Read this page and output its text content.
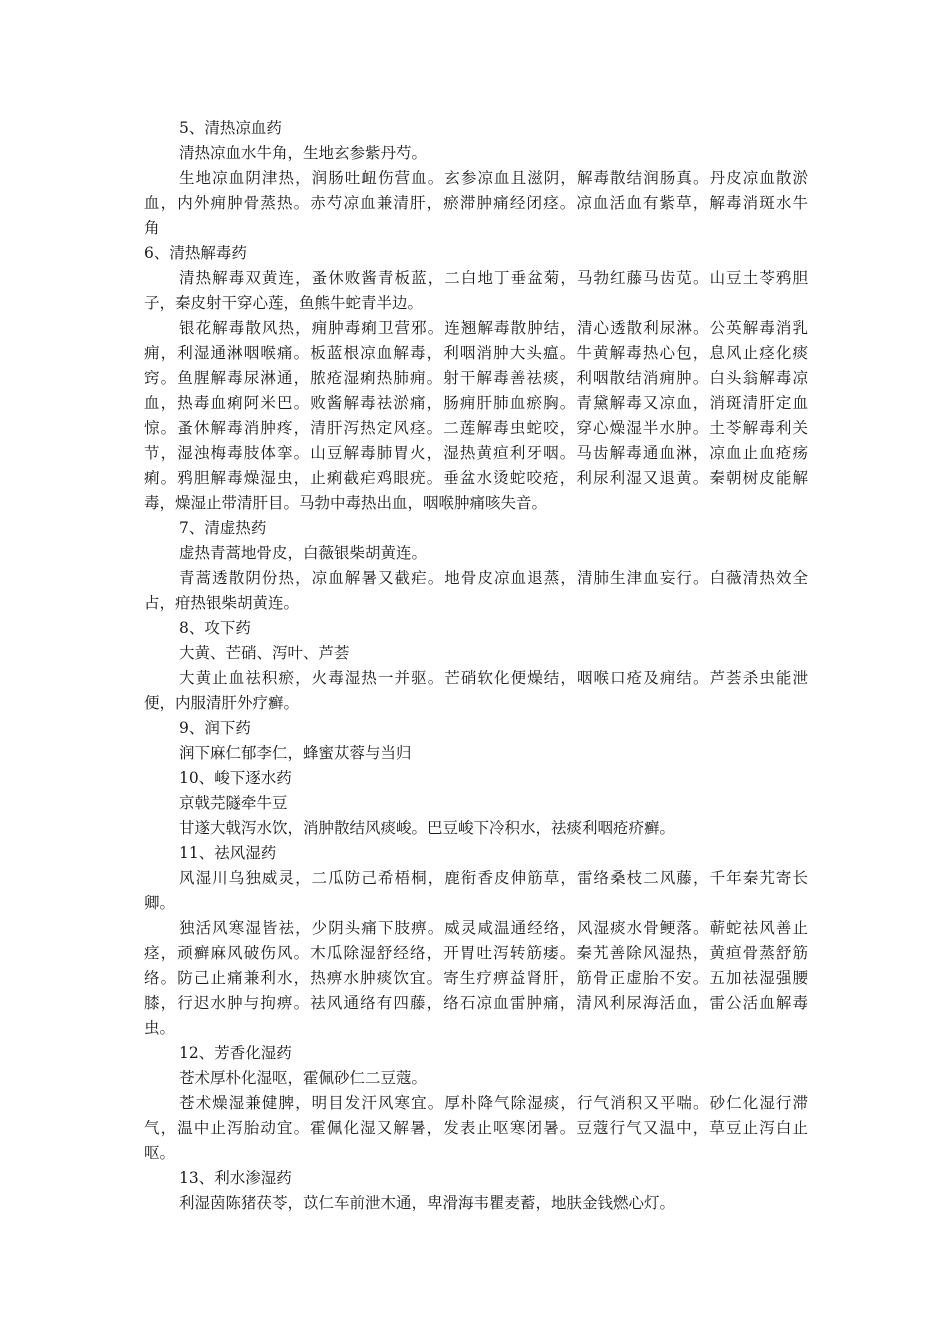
5、清热凉血药
清热凉血水牛角，生地玄参紫丹芍。
生地凉血阴津热，润肠吐衄伤营血。玄参凉血且滋阴，解毒散结润肠真。丹皮凉血散淤
血，内外痈肿骨蒸热。赤芍凉血兼清肝，瘀滞肿痛经闭痉。凉血活血有紫草，解毒消斑水牛
角
6、清热解毒药
清热解毒双黄连，蚤休败酱青板蓝，二白地丁垂盆菊，马勃红藤马齿苋。山豆土苓鸦胆
子，秦皮射干穿心莲，鱼熊牛蛇青半边。
银花解毒散风热，痈肿毒痢卫营邪。连翘解毒散肿结，清心透散利尿淋。公英解毒消乳
痈，利湿通淋咽喉痛。板蓝根凉血解毒，利咽消肿大头瘟。牛黄解毒热心包，息风止痉化痰
窍。鱼腥解毒尿淋通，脓疮湿痢热肺痈。射干解毒善祛痰，利咽散结消痈肿。白头翁解毒凉
血，热毒血痢阿米巴。败酱解毒祛淤痛，肠痈肝肺血瘀胸。青黛解毒又凉血，消斑清肝定血
惊。蚤休解毒消肿疼，清肝泻热定风痉。二莲解毒虫蛇咬，穿心燥湿半水肿。土苓解毒利关
节，湿浊梅毒肢体挛。山豆解毒肺胃火，湿热黄疸利牙咽。马齿解毒通血淋，凉血止血疮疡
痢。鸦胆解毒燥湿虫，止痢截疟鸡眼疣。垂盆水烫蛇咬疮，利尿利湿又退黄。秦朝树皮能解
毒，燥湿止带清肝目。马勃中毒热出血，咽喉肿痛咳失音。
7、清虚热药
虚热青蒿地骨皮，白薇银柴胡黄连。
青蒿透散阴份热，凉血解暑又截疟。地骨皮凉血退蒸，清肺生津血妄行。白薇清热效全
占，疳热银柴胡黄连。
8、攻下药
大黄、芒硝、泻叶、芦荟
大黄止血祛积瘀，火毒湿热一并驱。芒硝软化便燥结，咽喉口疮及痈结。芦荟杀虫能泄
便，内服清肝外疗癣。
9、润下药
润下麻仁郁李仁，蜂蜜苁蓉与当归
10、峻下逐水药
京戟芫隧牵牛豆
甘遂大戟泻水饮，消肿散结风痰峻。巴豆峻下冷积水，祛痰利咽疮疥癣。
11、祛风湿药
风湿川乌独威灵，二瓜防己希梧桐，鹿衔香皮伸筋草，雷络桑枝二风藤，千年秦艽寄长
卿。
独活风寒湿皆祛，少阴头痛下肢痹。威灵咸温通经络，风湿痰水骨鲠落。蕲蛇祛风善止
痉，顽癣麻风破伤风。木瓜除湿舒经络，开胃吐泻转筋痿。秦艽善除风湿热，黄疸骨蒸舒筋
络。防己止痛兼利水，热痹水肿痰饮宜。寄生疗痹益肾肝，筋骨正虚胎不安。五加祛湿强腰
膝，行迟水肿与拘痹。祛风通络有四藤，络石凉血雷肿痛，清风利尿海活血，雷公活血解毒
虫。
12、芳香化湿药
苍术厚朴化湿呕，霍佩砂仁二豆蔻。
苍术燥湿兼健脾，明目发汗风寒宜。厚朴降气除湿痰，行气消积又平喘。砂仁化湿行滞
气，温中止泻胎动宜。霍佩化湿又解暑，发表止呕寒闭暑。豆蔻行气又温中，草豆止泻白止
呕。
13、利水渗湿药
利湿茵陈猪茯苓，苡仁车前泄木通，卑滑海韦瞿麦蓄，地肤金钱燃心灯。
